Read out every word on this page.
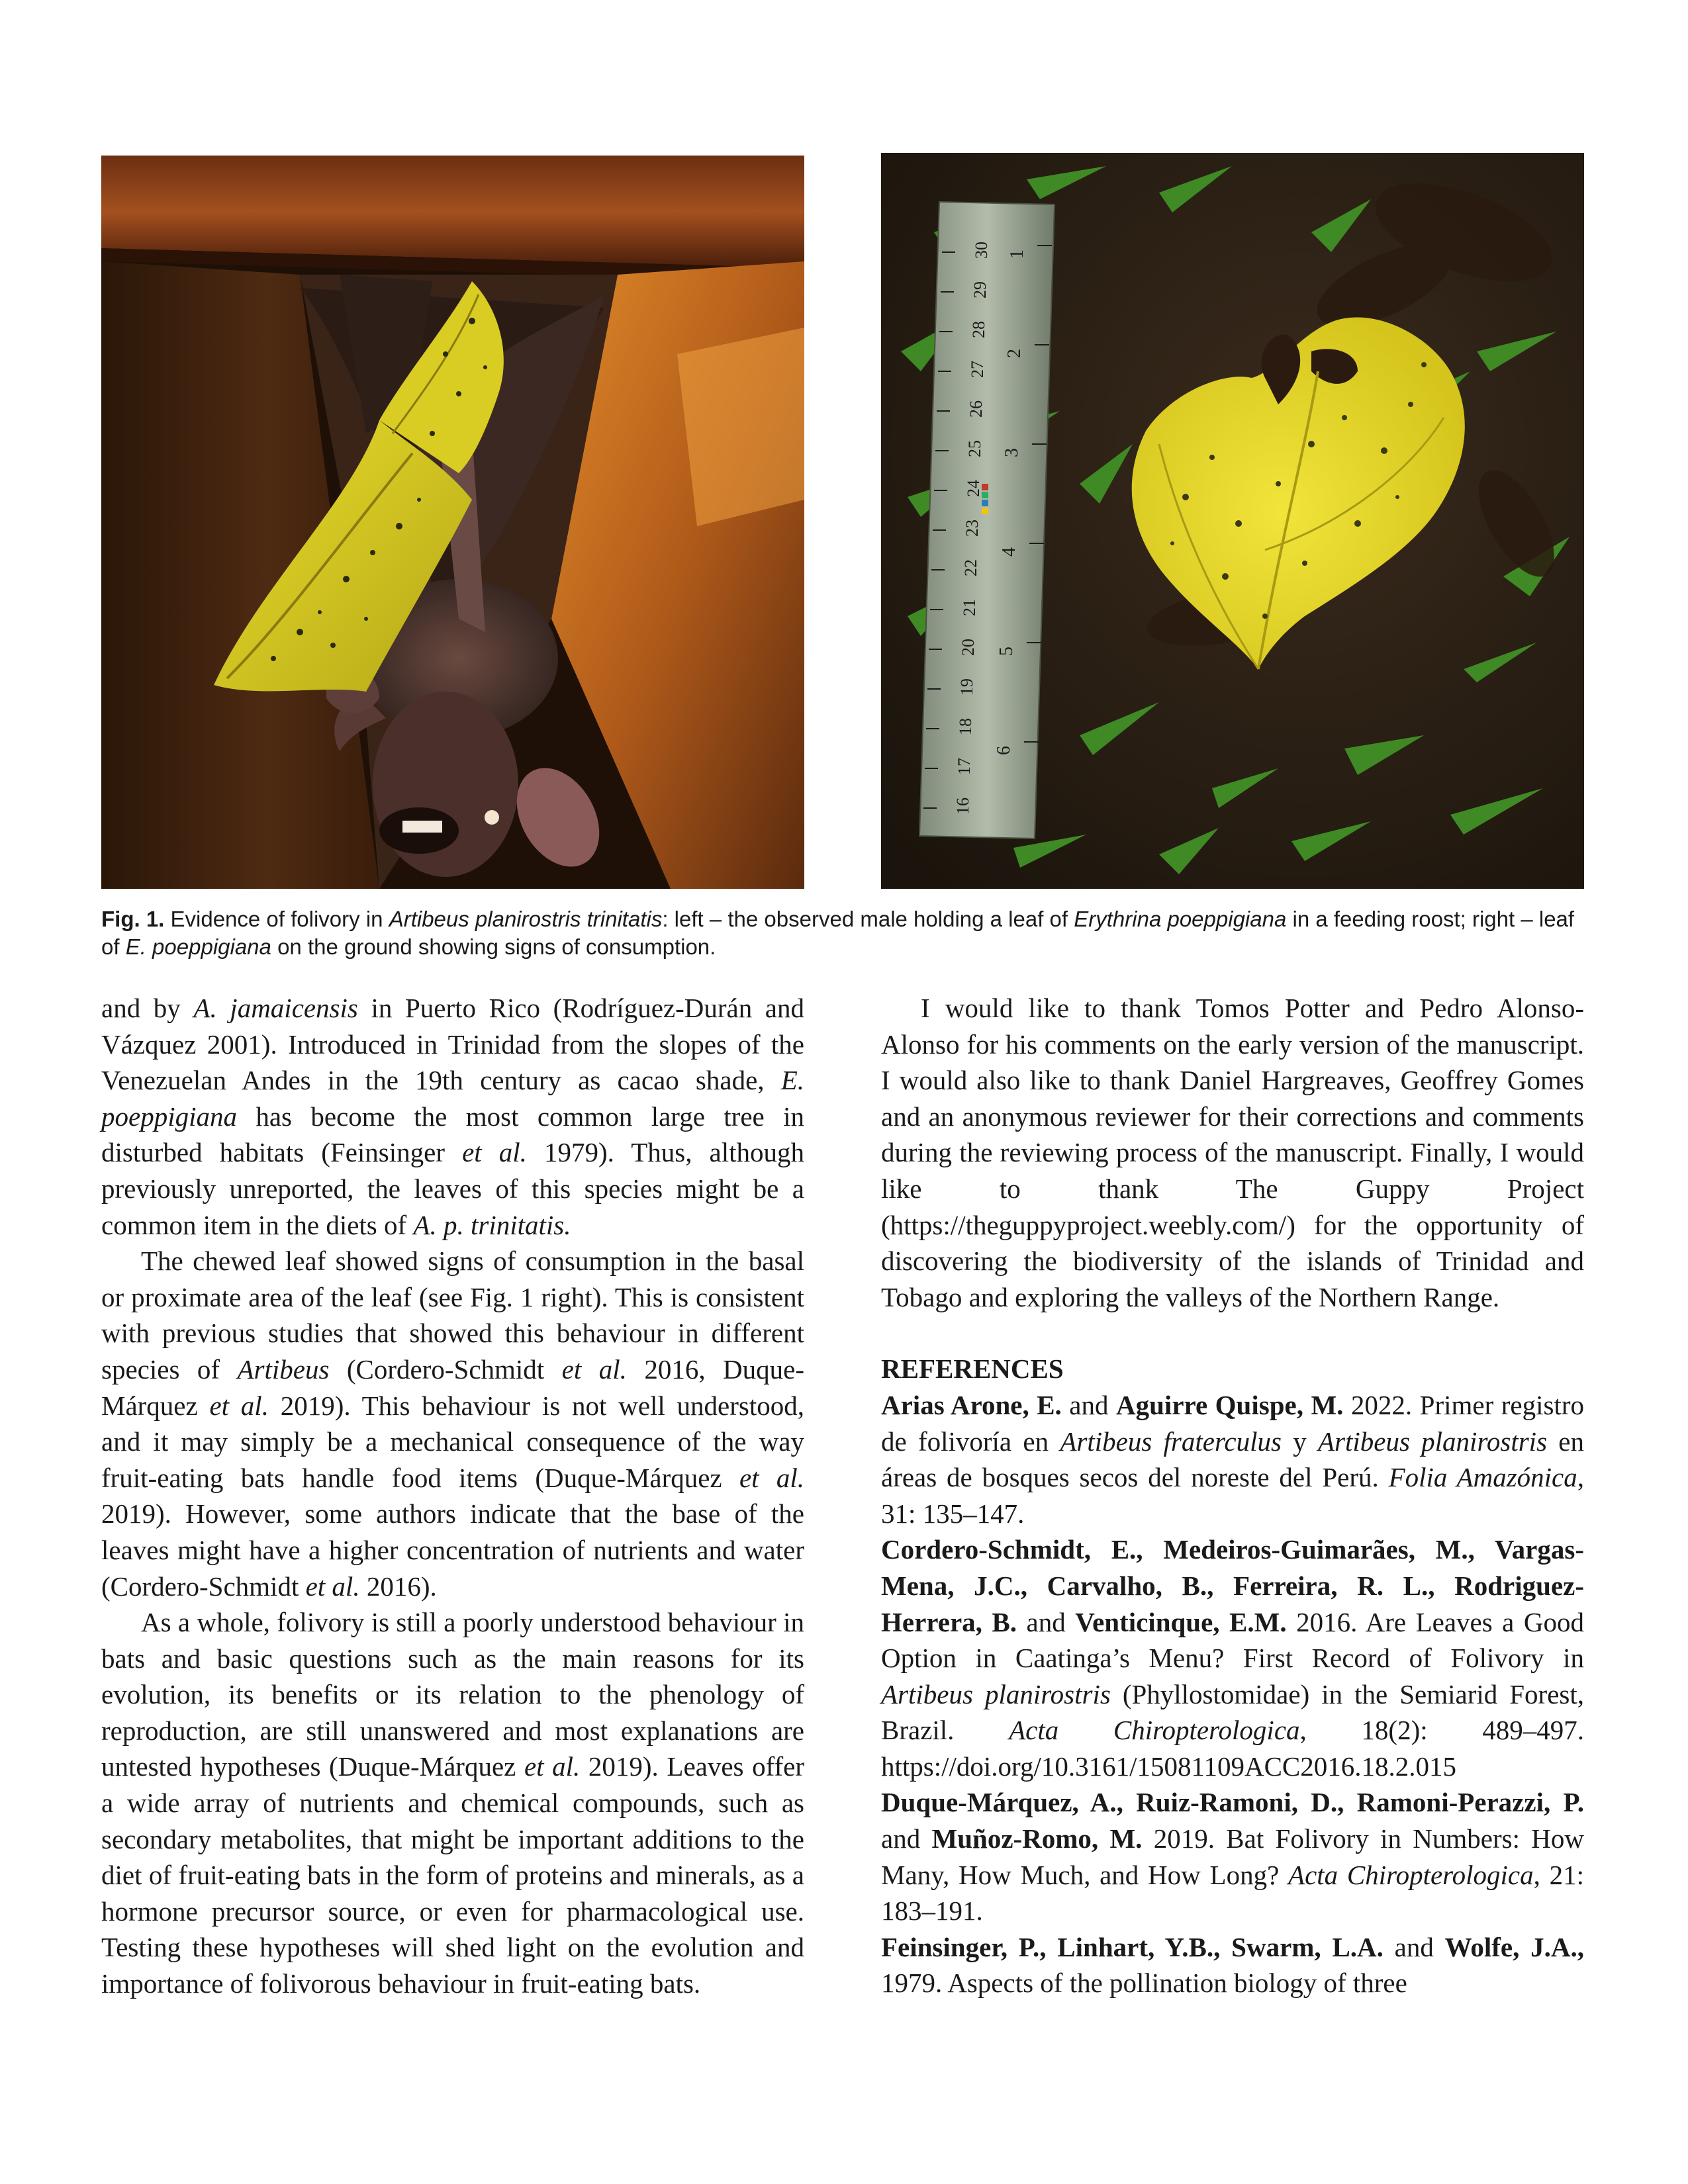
16
17
18
19
20
21
22
23
24
25
26
27
28
29
30 1
2
3
4
5
6
Fig. 1. Evidence of folivory in Artibeus planirostris trinitatis: left – the observed male holding a leaf of Erythrina poeppigiana in a feeding roost; right – leaf of E. poeppigiana on the ground showing signs of consumption.

and by A. jamaicensis in Puerto Rico (Rodríguez-Durán and Vázquez 2001). Introduced in Trinidad from the slopes of the Venezuelan Andes in the 19th century as cacao shade, E. poeppigiana has become the most common large tree in disturbed habitats (Feinsinger et al. 1979). Thus, although previously unreported, the leaves of this species might be a common item in the diets of A. p. trinitatis.

The chewed leaf showed signs of consumption in the basal or proximate area of the leaf (see Fig. 1 right). This is consistent with previous studies that showed this behaviour in different species of Artibeus (Cordero-Schmidt et al. 2016, Duque-Márquez et al. 2019). This behaviour is not well understood, and it may simply be a mechanical consequence of the way fruit-eating bats handle food items (Duque-Márquez et al. 2019). However, some authors indicate that the base of the leaves might have a higher concentration of nutrients and water (Cordero-Schmidt et al. 2016).

As a whole, folivory is still a poorly understood behaviour in bats and basic questions such as the main reasons for its evolution, its benefits or its relation to the phenology of reproduction, are still unanswered and most explanations are untested hypotheses (Duque-Márquez et al. 2019). Leaves offer a wide array of nutrients and chemical compounds, such as secondary metabolites, that might be important additions to the diet of fruit-eating bats in the form of proteins and minerals, as a hormone precursor source, or even for pharmacological use. Testing these hypotheses will shed light on the evolution and importance of folivorous behaviour in fruit-eating bats.

I would like to thank Tomos Potter and Pedro Alonso-Alonso for his comments on the early version of the manuscript. I would also like to thank Daniel Hargreaves, Geoffrey Gomes and an anonymous reviewer for their corrections and comments during the reviewing process of the manuscript. Finally, I would like to thank The Guppy Project (https://theguppyproject.weebly.com/) for the opportunity of discovering the biodiversity of the islands of Trinidad and Tobago and exploring the valleys of the Northern Range.

REFERENCES

Arias Arone, E. and Aguirre Quispe, M. 2022. Primer registro de folivoría en Artibeus fraterculus y Artibeus planirostris en áreas de bosques secos del noreste del Perú. Folia Amazónica, 31: 135–147.

Cordero-Schmidt, E., Medeiros-Guimarães, M., Vargas-Mena, J.C., Carvalho, B., Ferreira, R. L., Rodriguez-Herrera, B. and Venticinque, E.M. 2016. Are Leaves a Good Option in Caatinga’s Menu? First Record of Folivory in Artibeus planirostris (Phyllostomidae) in the Semiarid Forest, Brazil. Acta Chiropterologica, 18(2): 489–497. https://doi.org/10.3161/15081109ACC2016.18.2.015

Duque-Márquez, A., Ruiz-Ramoni, D., Ramoni-Perazzi, P. and Muñoz-Romo, M. 2019. Bat Folivory in Numbers: How Many, How Much, and How Long? Acta Chiropterologica, 21: 183–191.

Feinsinger, P., Linhart, Y.B., Swarm, L.A. and Wolfe, J.A., 1979. Aspects of the pollination biology of three
